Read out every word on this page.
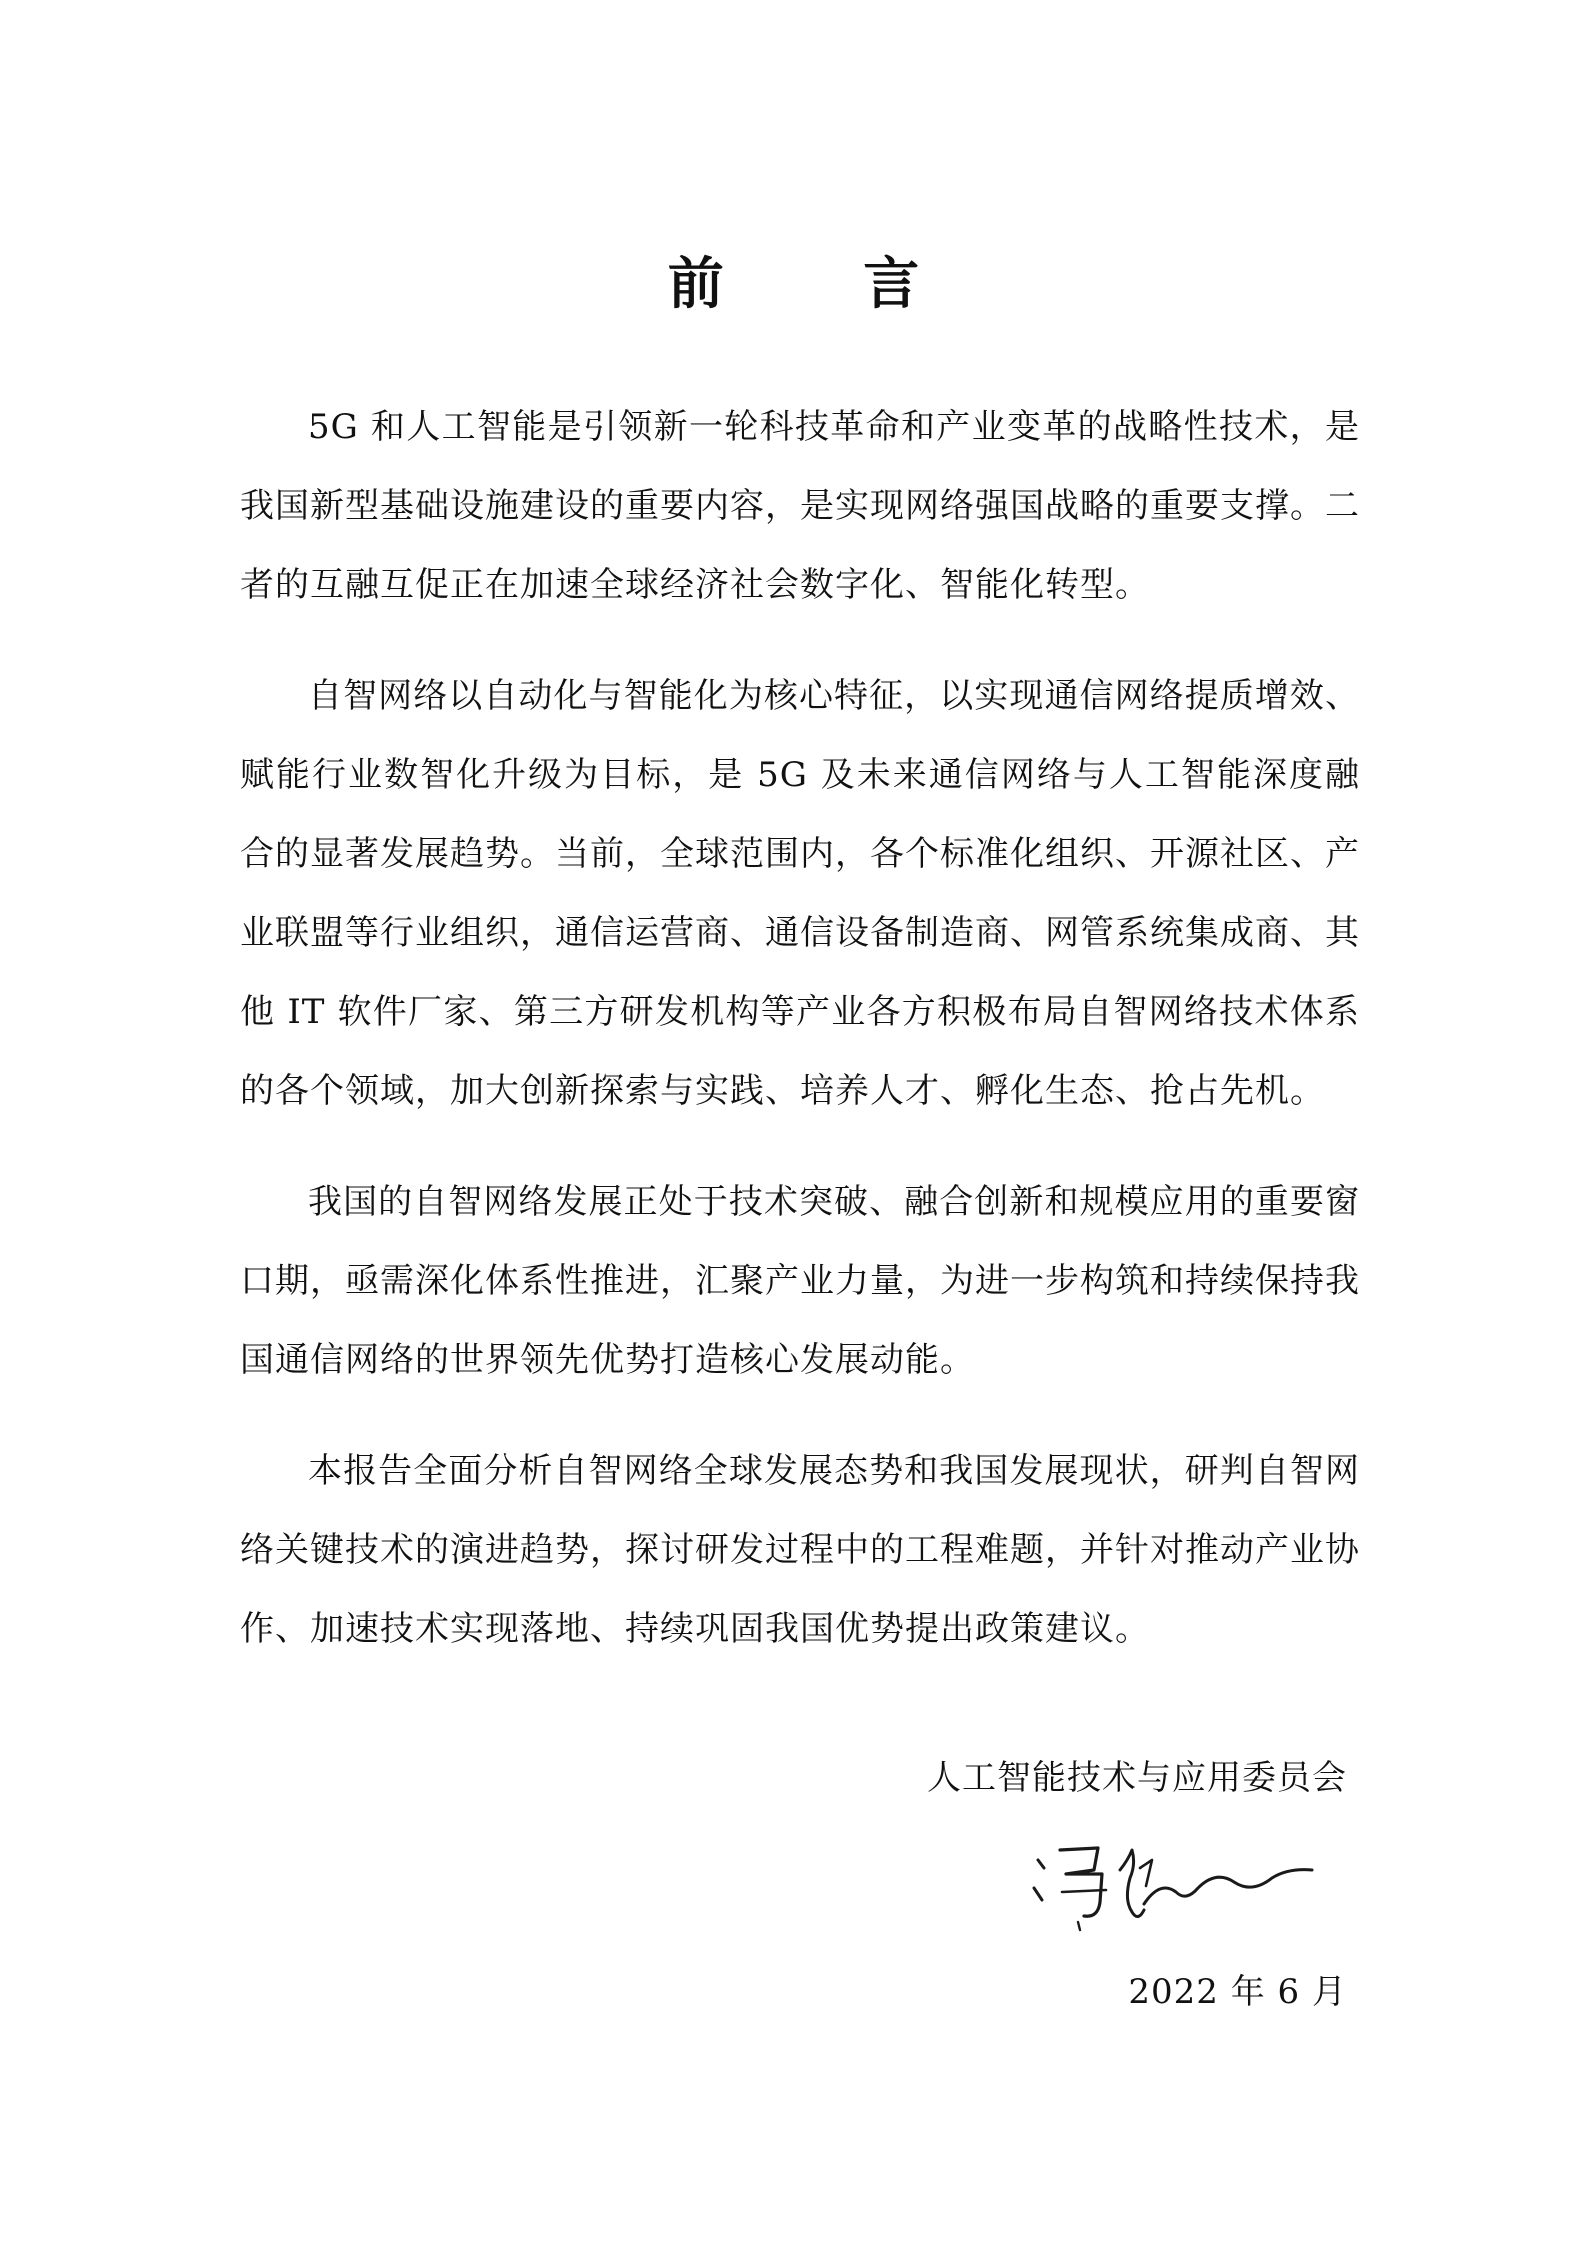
前 言

5G 和人工智能是引领新一轮科技革命和产业变革的战略性技术，是我国新型基础设施建设的重要内容，是实现网络强国战略的重要支撑。二者的互融互促正在加速全球经济社会数字化、智能化转型。

自智网络以自动化与智能化为核心特征，以实现通信网络提质增效、赋能行业数智化升级为目标，是 5G 及未来通信网络与人工智能深度融合的显著发展趋势。当前，全球范围内，各个标准化组织、开源社区、产业联盟等行业组织，通信运营商、通信设备制造商、网管系统集成商、其他 IT 软件厂家、第三方研发机构等产业各方积极布局自智网络技术体系的各个领域，加大创新探索与实践、培养人才、孵化生态、抢占先机。

我国的自智网络发展正处于技术突破、融合创新和规模应用的重要窗口期，亟需深化体系性推进，汇聚产业力量，为进一步构筑和持续保持我国通信网络的世界领先优势打造核心发展动能。

本报告全面分析自智网络全球发展态势和我国发展现状，研判自智网络关键技术的演进趋势，探讨研发过程中的工程难题，并针对推动产业协作、加速技术实现落地、持续巩固我国优势提出政策建议。

人工智能技术与应用委员会
2022 年 6 月
